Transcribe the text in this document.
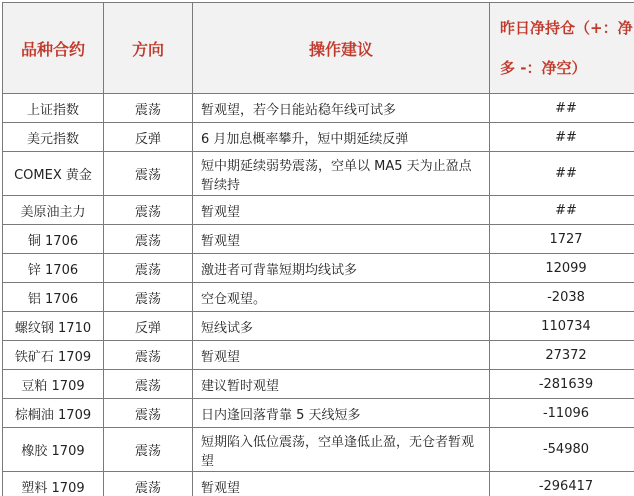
品种合约	方向	操作建议	昨日净持仓（+：净多 -：净空）
上证指数	震荡	暂观望，若今日能站稳年线可试多	##
美元指数	反弹	6 月加息概率攀升，短中期延续反弹	##
COMEX 黄金	震荡	短中期延续弱势震荡，空单以 MA5 天为止盈点暂续持	##
美原油主力	震荡	暂观望	##
铜 1706	震荡	暂观望	1727
锌 1706	震荡	激进者可背靠短期均线试多	12099
铝 1706	震荡	空仓观望。	-2038
螺纹钢 1710	反弹	短线试多	110734
铁矿石 1709	震荡	暂观望	27372
豆粕 1709	震荡	建议暂时观望	-281639
棕榈油 1709	震荡	日内逢回落背靠 5 天线短多	-11096
橡胶 1709	震荡	短期陷入低位震荡，空单逢低止盈，无仓者暂观望	-54980
塑料 1709	震荡	暂观望	-296417
